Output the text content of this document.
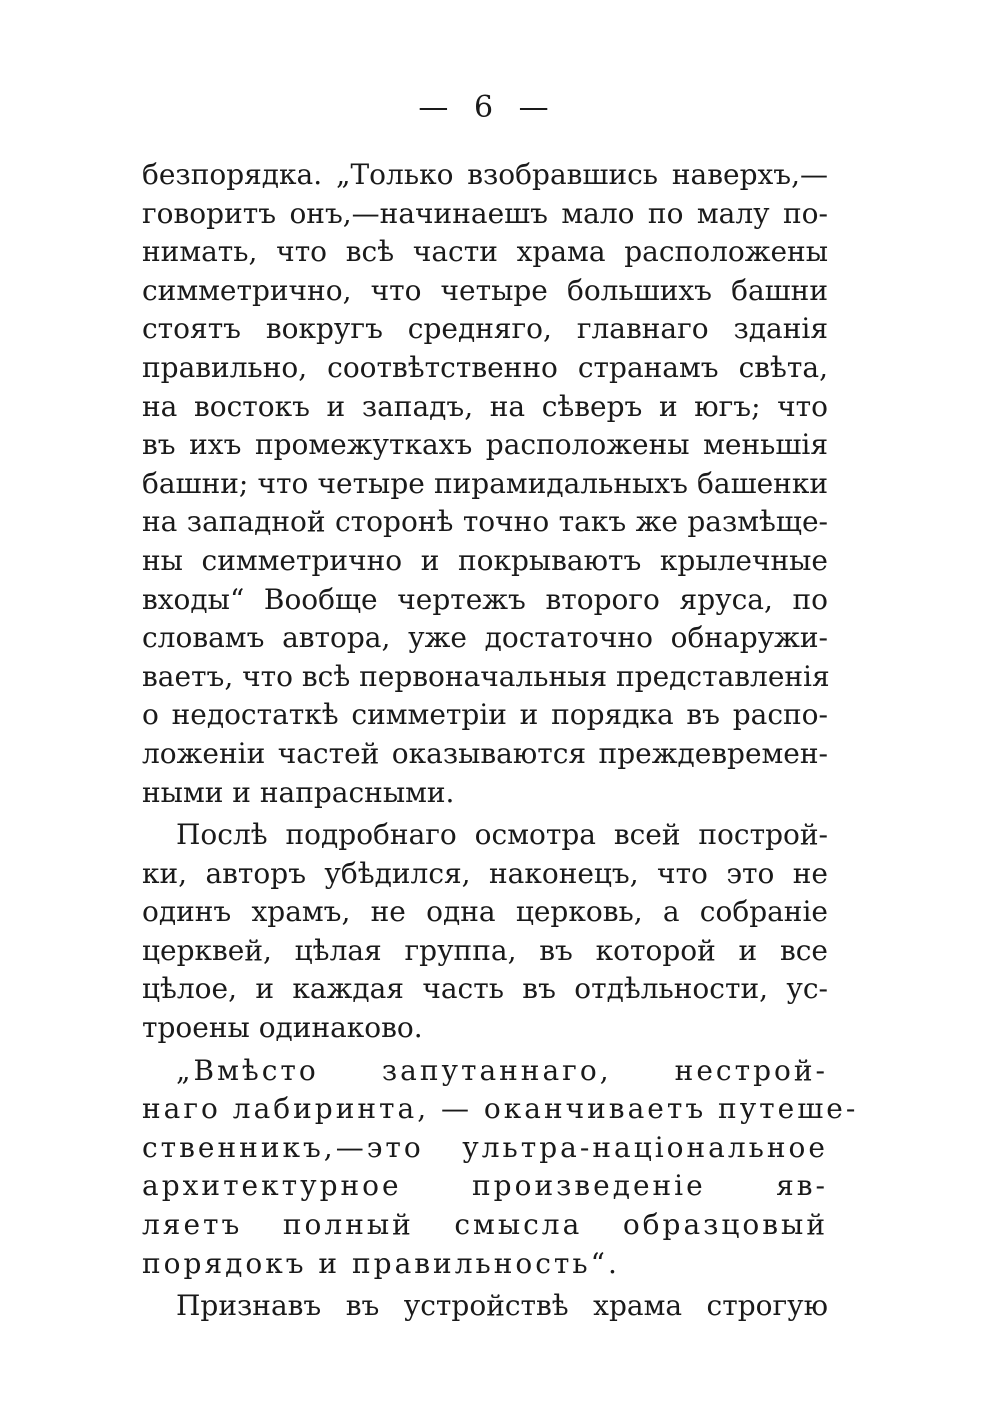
— 6 —
безпорядка. „Только взобравшись наверхъ,—
говоритъ онъ,—начинаешъ мало по малу по-
нимать, что всѣ части храма расположены
симметрично, что четыре большихъ башни
стоятъ вокругъ средняго, главнаго зданія
правильно, соотвѣтственно странамъ свѣта,
на востокъ и западъ, на сѣверъ и югъ; что
въ ихъ промежуткахъ расположены меньшія
башни; что четыре пирамидальныхъ башенки
на западной сторонѣ точно такъ же размѣще-
ны симметрично и покрываютъ крылечные
входы“ Вообще чертежъ второго яруса, по
словамъ автора, уже достаточно обнаружи-
ваетъ, что всѣ первоначальныя представленія
о недостаткѣ симметріи и порядка въ распо-
ложеніи частей оказываются преждевремен-
ными и напрасными.
Послѣ подробнаго осмотра всей построй-
ки, авторъ убѣдился, наконецъ, что это не
одинъ храмъ, не одна церковь, а собраніе
церквей, цѣлая группа, въ которой и все
цѣлое, и каждая часть въ отдѣльности, ус-
троены одинаково.
„Вмѣсто запутаннаго, нестрой-
наго лабиринта, — оканчиваетъ путеше-
ственникъ,—это ультра-національное
архитектурное произведеніе яв-
ляетъ полный смысла образцовый
порядокъ и правильность“.
Признавъ въ устройствѣ храма строгую
